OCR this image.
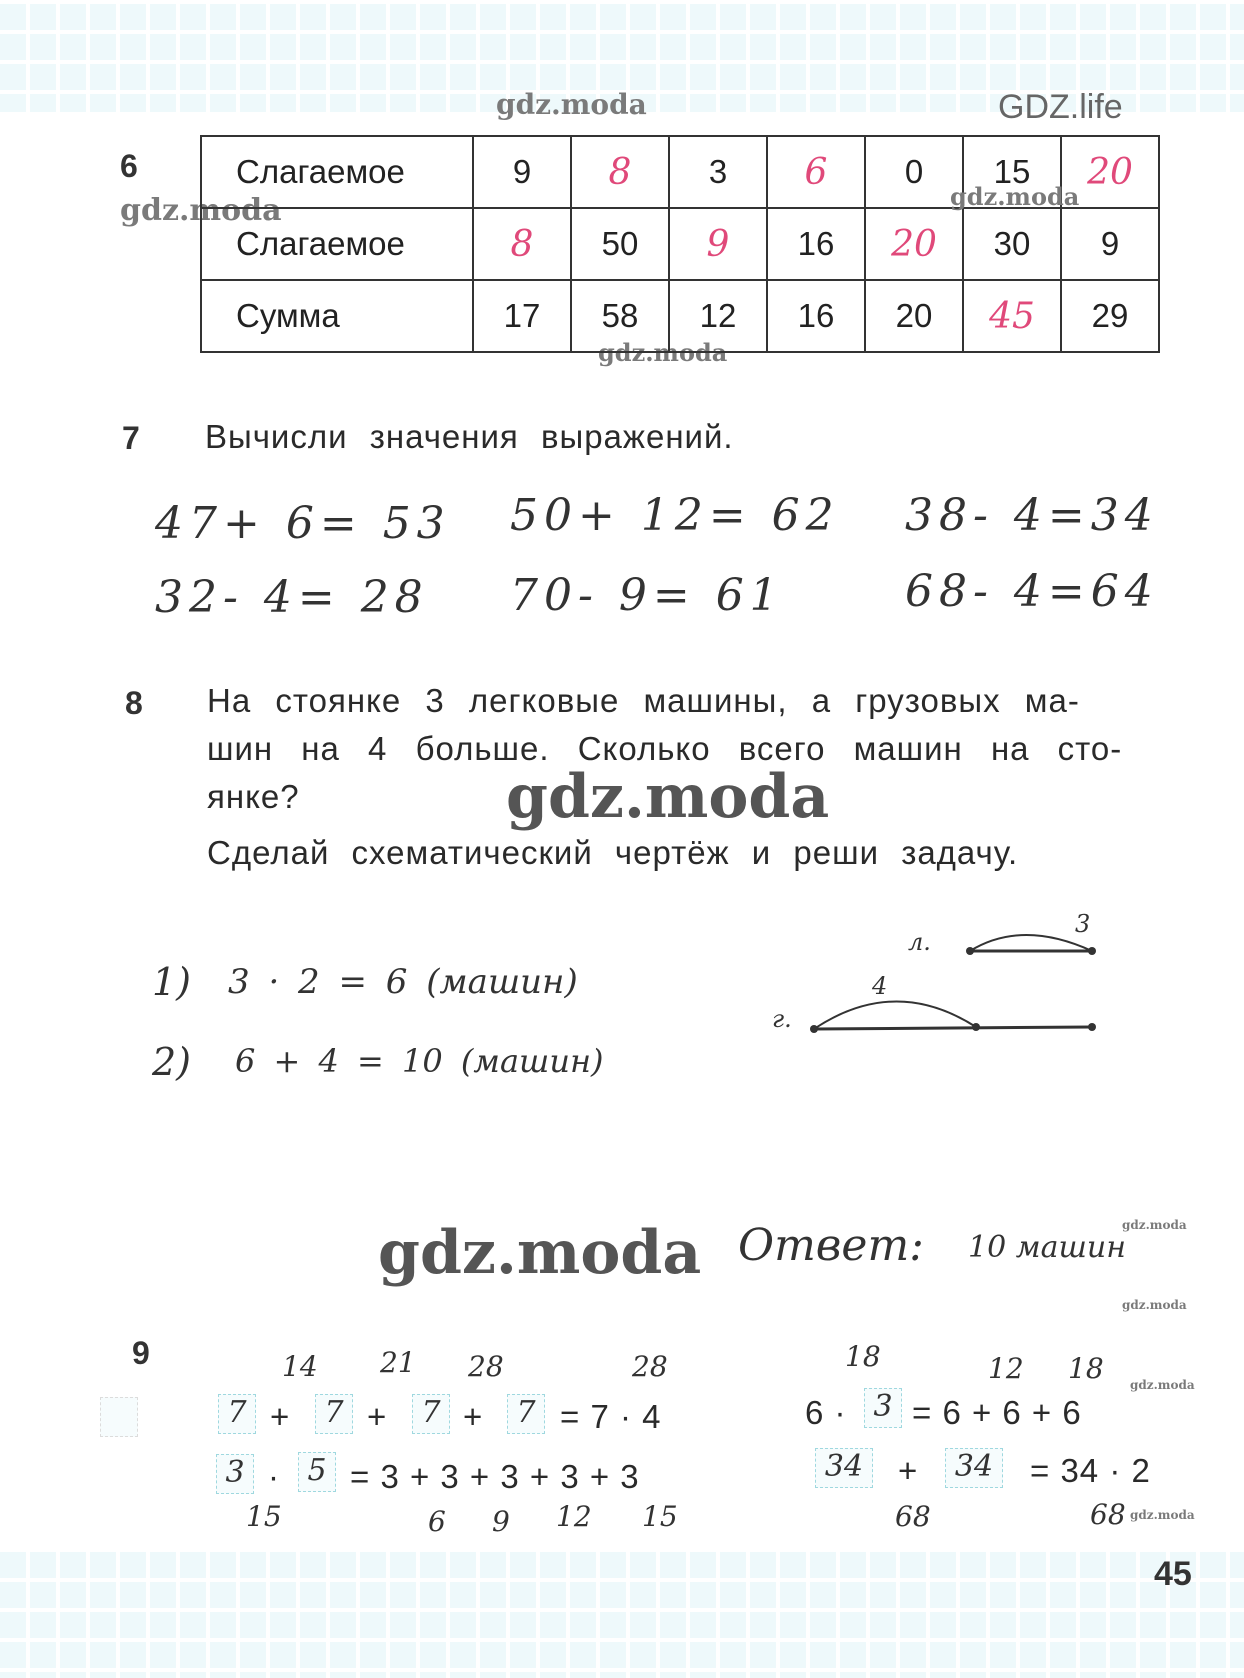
gdz.moda	GDZ.life
gdz.moda	gdz.moda
gdz.moda
gdz.moda
gdz.moda	gdz.moda
gdz.moda
gdz.moda
gdz.moda
6	Слагаемое	9	8	3	6	0	15	20
Слагаемое	8	50	9	16	20	30	9
Сумма	17	58	12	16	20	45	29
7 Вычисли значения выражений.
47+ 6= 53 50+ 12= 62 38- 4=34
32- 4= 28 70- 9= 61	68- 4=64
8 На стоянке 3 легковые машины, а грузовых ма-
шин на 4 больше. Сколько всего машин на сто-
янке?
Сделай схематический чертёж и реши задачу.
1) 3 · 2 = 6 (машин)
2) 6 + 4 = 10 (машин)
л.
3
г.
4
Ответ: 10 машин
9	14 21 28	28
7 +	7 +	7 +	7 = 7 · 4
3 · 5 = 3 + 3 + 3 + 3 + 3
15	6 9 12 15
18	12 18
6 · 3 = 6 + 6 + 6
34	+	34	= 34 · 2
68	68
45
